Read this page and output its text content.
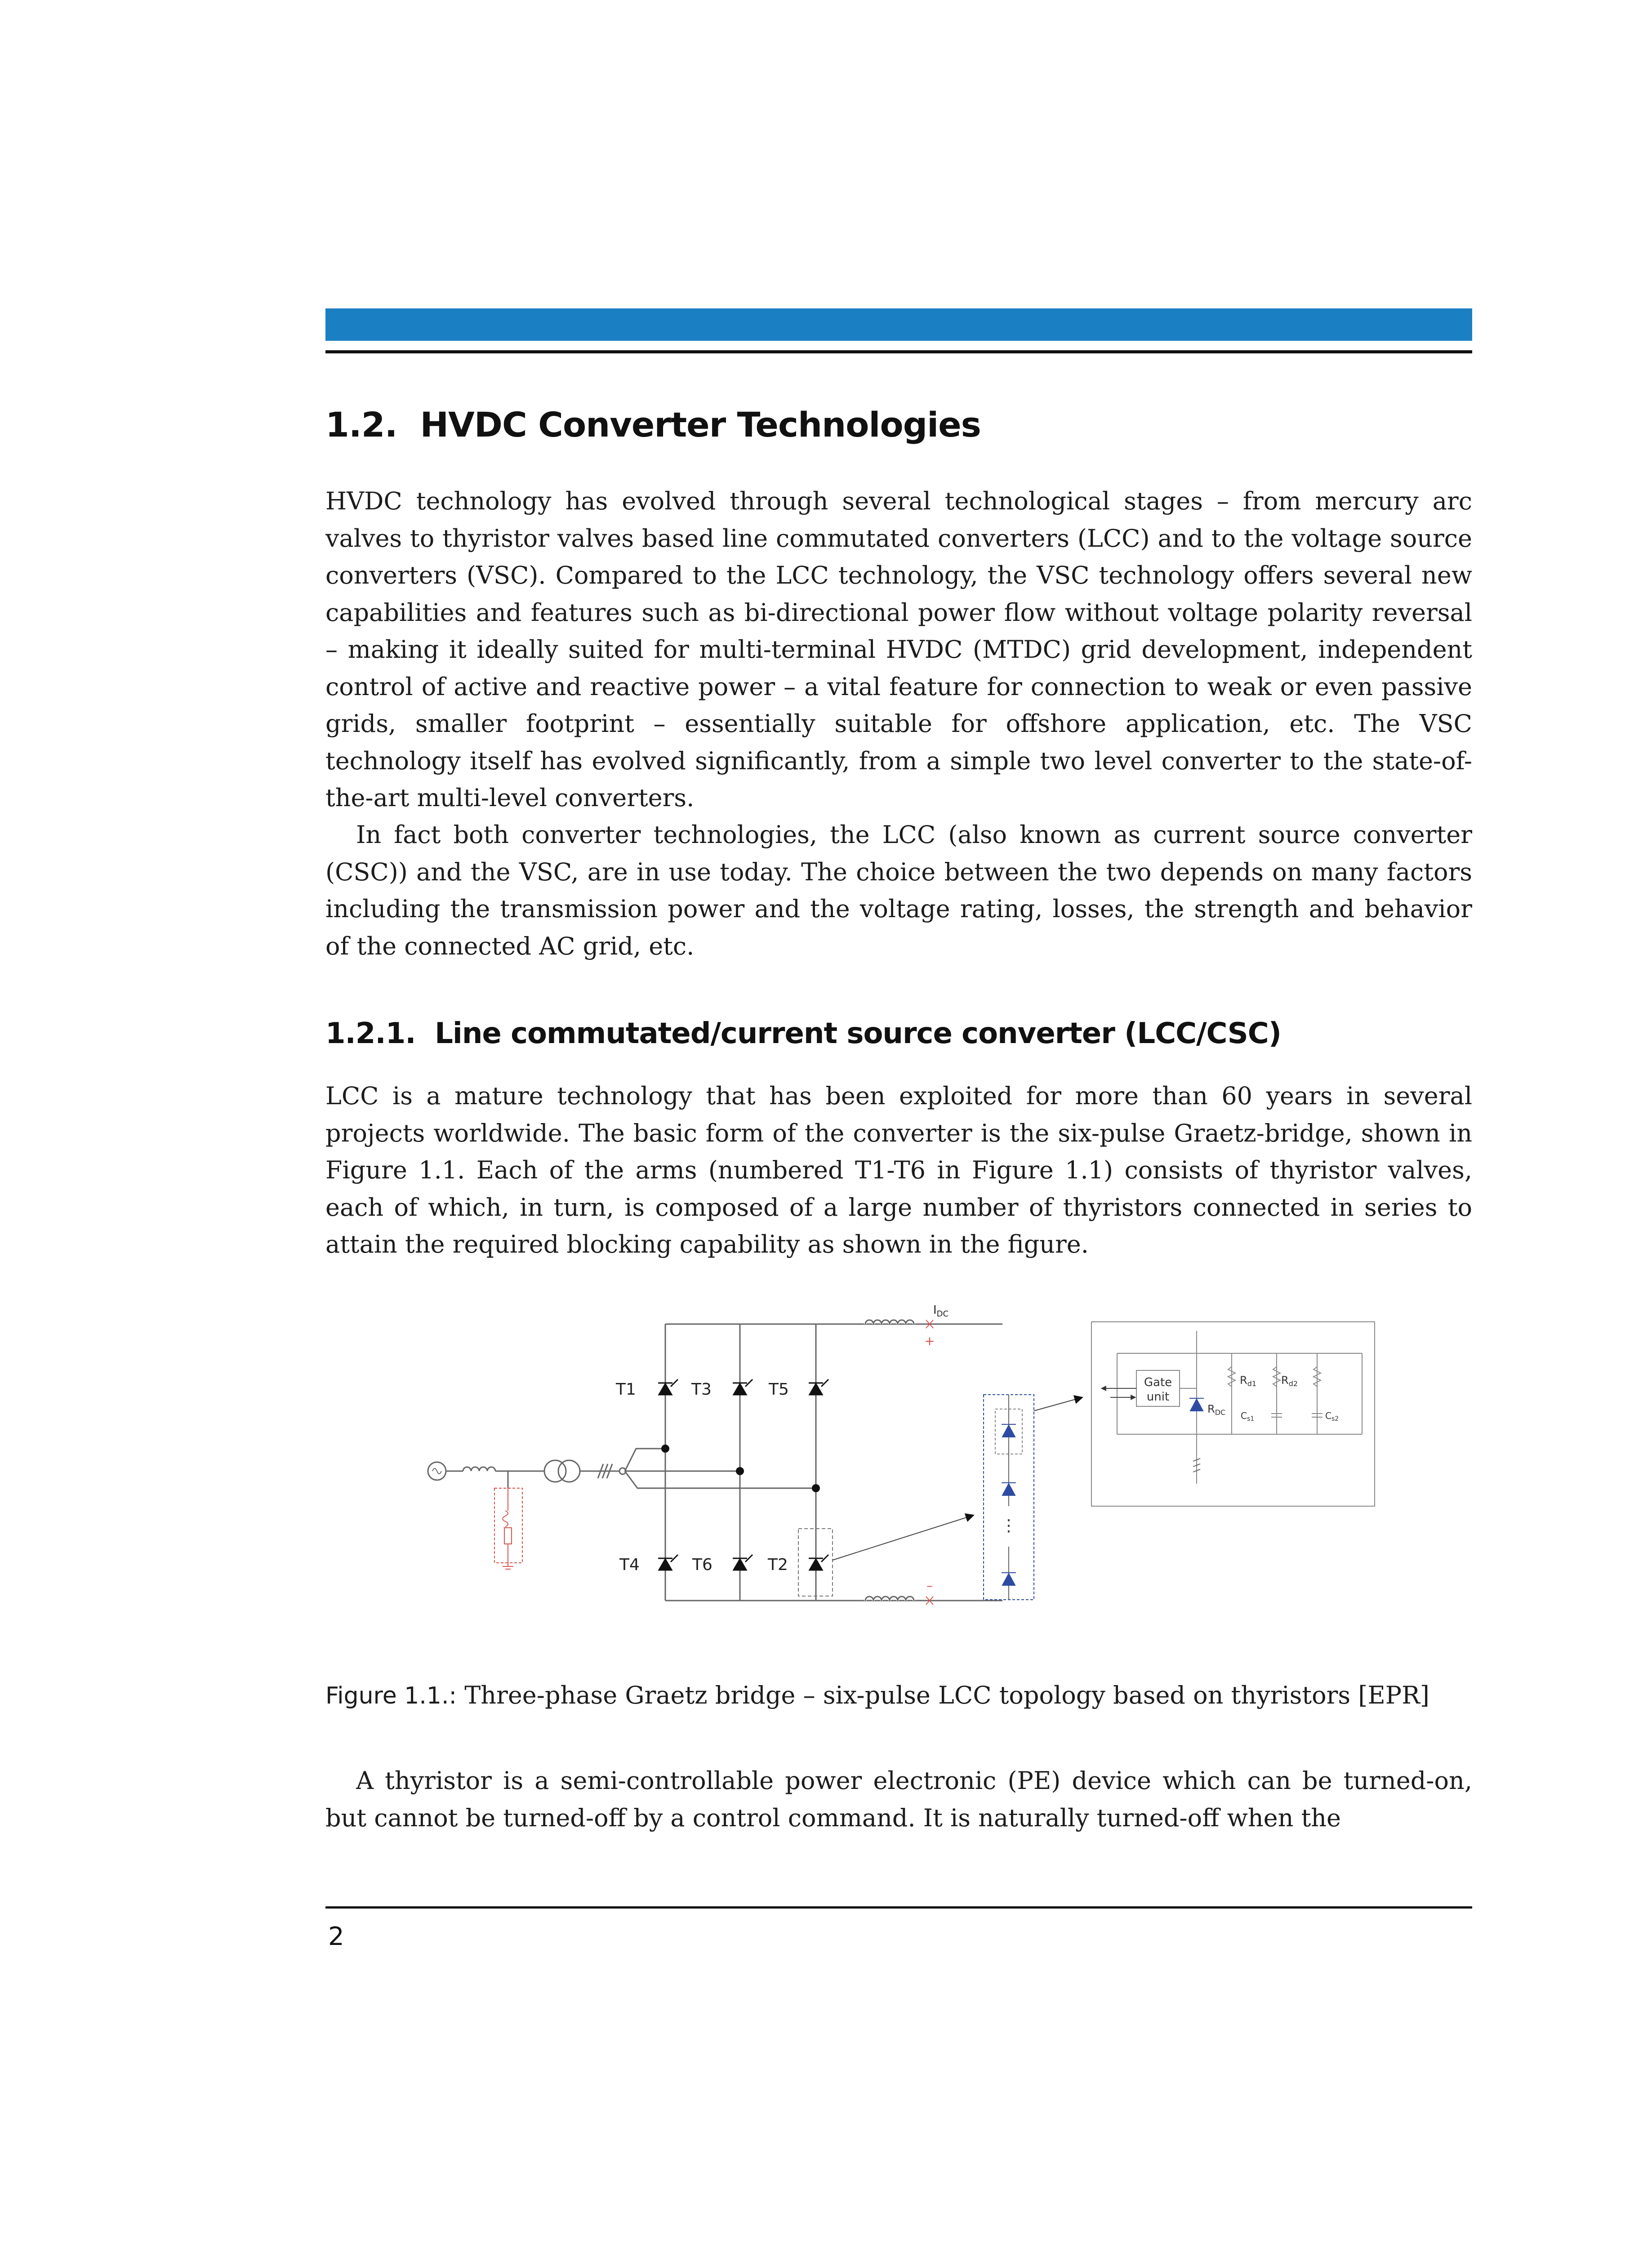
1.2. HVDC Converter Technologies

HVDC technology has evolved through several technological stages – from mercury arc valves to thyristor valves based line commutated converters (LCC) and to the voltage source converters (VSC). Compared to the LCC technology, the VSC technology offers several new capabilities and features such as bi-directional power flow without voltage polarity reversal – making it ideally suited for multi-terminal HVDC (MTDC) grid development, independent control of active and reactive power – a vital feature for connection to weak or even passive grids, smaller footprint – essentially suitable for offshore application, etc. The VSC technology itself has evolved significantly, from a simple two level converter to the state-of-the-art multi-level converters.

In fact both converter technologies, the LCC (also known as current source converter (CSC)) and the VSC, are in use today. The choice between the two depends on many factors including the transmission power and the voltage rating, losses, the strength and behavior of the connected AC grid, etc.

1.2.1. Line commutated/current source converter (LCC/CSC)

LCC is a mature technology that has been exploited for more than 60 years in several projects worldwide. The basic form of the converter is the six-pulse Graetz-bridge, shown in Figure 1.1. Each of the arms (numbered T1-T6 in Figure 1.1) consists of thyristor valves, each of which, in turn, is composed of a large number of thyristors connected in series to attain the required blocking capability as shown in the figure.

+
–
T1	T3	T5
T4	T6	T2
$I_{DC}$
⋮
Gate
unit
$R_{DC}$
$R_{d1}$ $R_{d2}$
$C_{s1}$	$C_{s2}$

Figure 1.1.: Three-phase Graetz bridge – six-pulse LCC topology based on thyristors [EPR]

A thyristor is a semi-controllable power electronic (PE) device which can be turned-on, but cannot be turned-off by a control command. It is naturally turned-off when the

2
